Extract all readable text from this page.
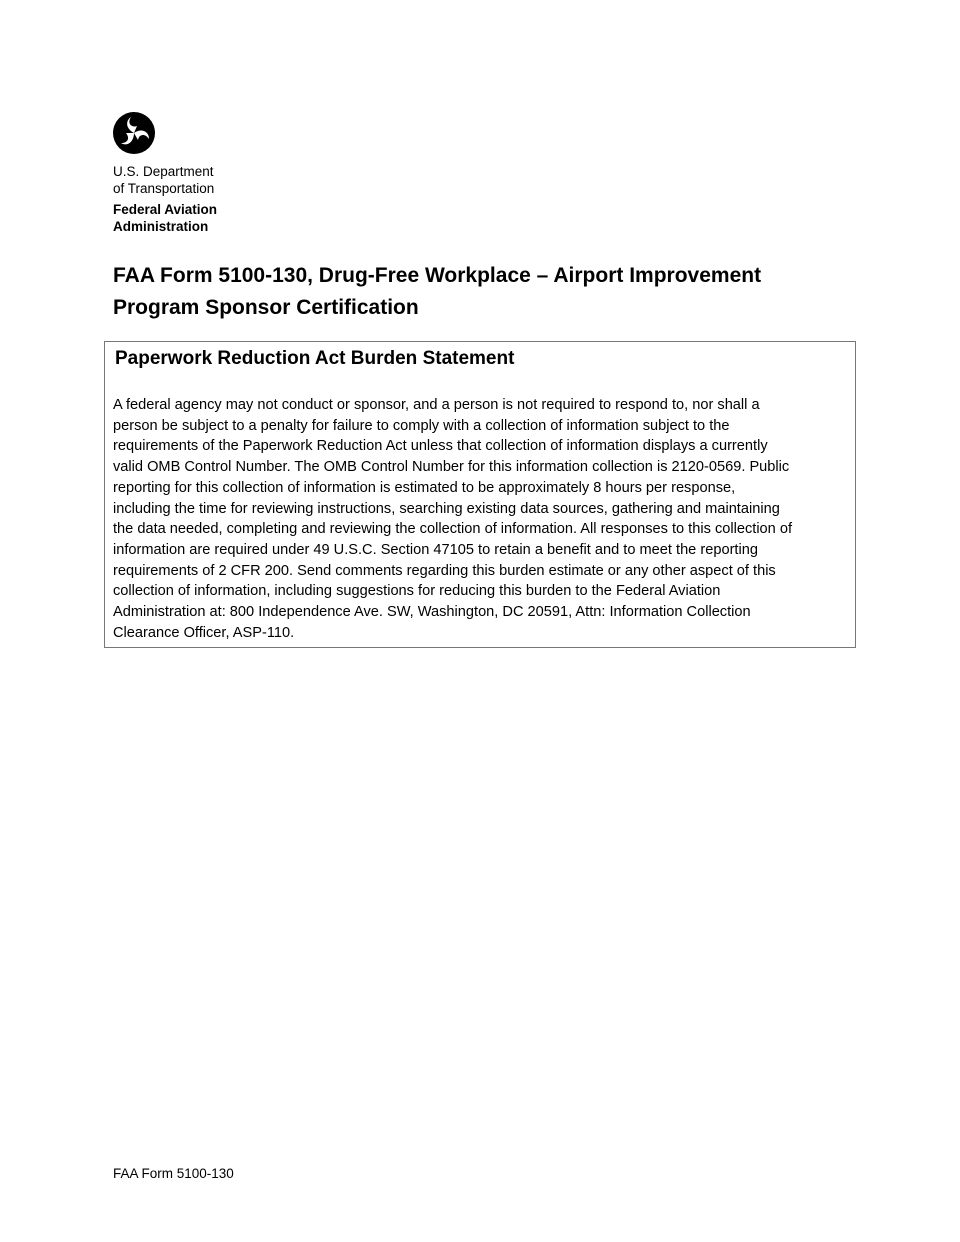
U.S. Department
of Transportation
Federal Aviation
Administration
FAA Form 5100-130, Drug-Free Workplace – Airport Improvement
Program Sponsor Certification
Paperwork Reduction Act Burden Statement
A federal agency may not conduct or sponsor, and a person is not required to respond to, nor shall a
person be subject to a penalty for failure to comply with a collection of information subject to the
requirements of the Paperwork Reduction Act unless that collection of information displays a currently
valid OMB Control Number. The OMB Control Number for this information collection is 2120-0569. Public
reporting for this collection of information is estimated to be approximately 8 hours per response,
including the time for reviewing instructions, searching existing data sources, gathering and maintaining
the data needed, completing and reviewing the collection of information. All responses to this collection of
information are required under 49 U.S.C. Section 47105 to retain a benefit and to meet the reporting
requirements of 2 CFR 200. Send comments regarding this burden estimate or any other aspect of this
collection of information, including suggestions for reducing this burden to the Federal Aviation
Administration at: 800 Independence Ave. SW, Washington, DC 20591, Attn: Information Collection
Clearance Officer, ASP-110.
FAA Form 5100-130
